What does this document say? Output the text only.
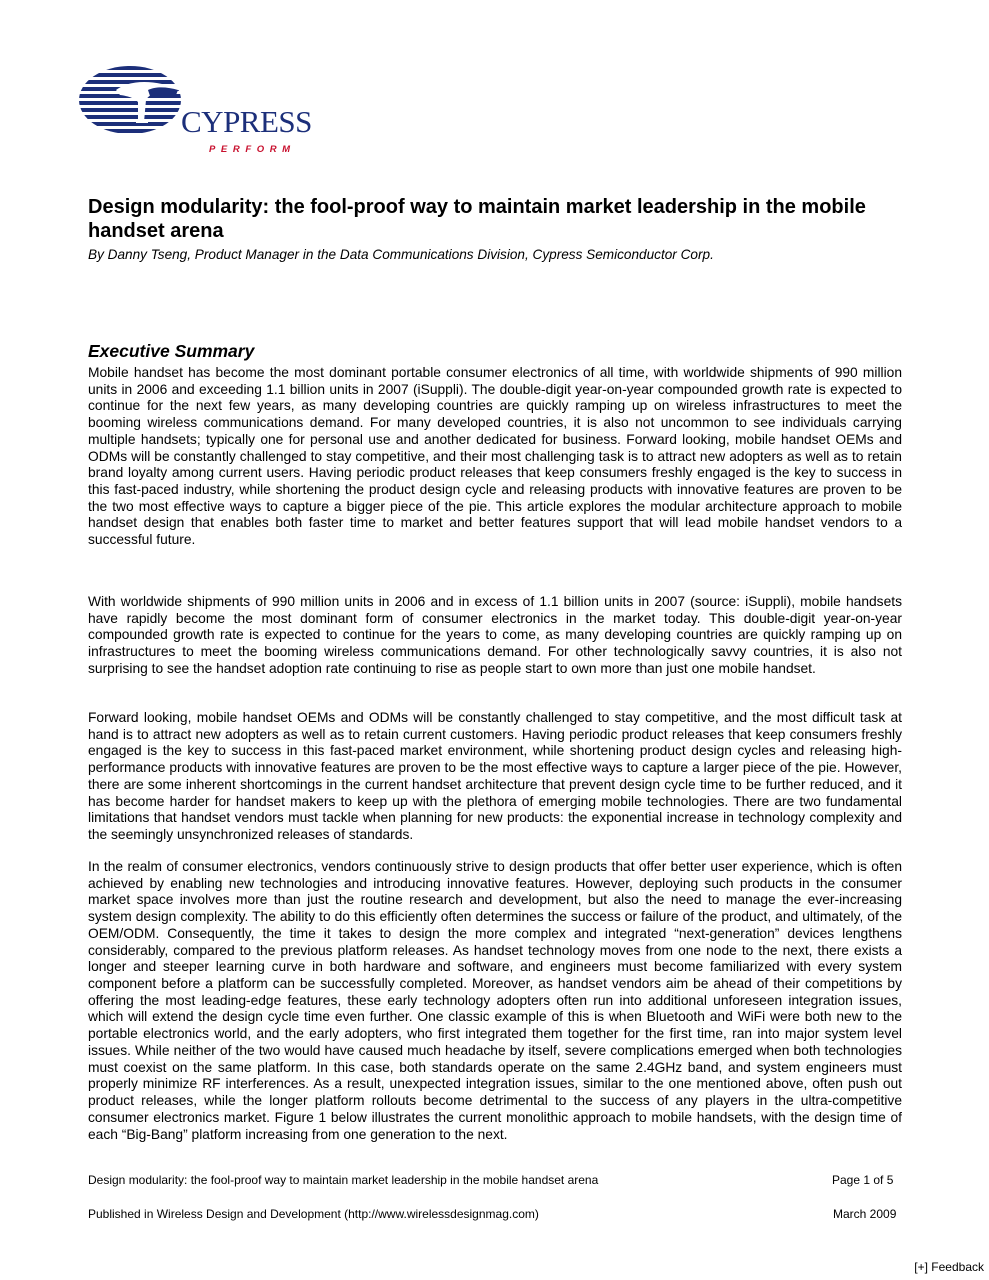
CYPRESS
PERFORM
Design modularity: the fool-proof way to maintain market leadership in the mobile handset arena
By Danny Tseng, Product Manager in the Data Communications Division, Cypress Semiconductor Corp.
Executive Summary

Mobile handset has become the most dominant portable consumer electronics of all time, with worldwide shipments of 990 million units in 2006 and exceeding 1.1 billion units in 2007 (iSuppli). The double-digit year-on-year compounded growth rate is expected to continue for the next few years, as many developing countries are quickly ramping up on wireless infrastructures to meet the booming wireless communications demand. For many developed countries, it is also not uncommon to see individuals carrying multiple handsets; typically one for personal use and another dedicated for business. Forward looking, mobile handset OEMs and ODMs will be constantly challenged to stay competitive, and their most challenging task is to attract new adopters as well as to retain brand loyalty among current users. Having periodic product releases that keep consumers freshly engaged is the key to success in this fast-paced industry, while shortening the product design cycle and releasing products with innovative features are proven to be the two most effective ways to capture a bigger piece of the pie. This article explores the modular architecture approach to mobile handset design that enables both faster time to market and better features support that will lead mobile handset vendors to a successful future.

With worldwide shipments of 990 million units in 2006 and in excess of 1.1 billion units in 2007 (source: iSuppli), mobile handsets have rapidly become the most dominant form of consumer electronics in the market today. This double-digit year-on-year compounded growth rate is expected to continue for the years to come, as many developing countries are quickly ramping up on infrastructures to meet the booming wireless communications demand. For other technologically savvy countries, it is also not surprising to see the handset adoption rate continuing to rise as people start to own more than just one mobile handset.

Forward looking, mobile handset OEMs and ODMs will be constantly challenged to stay competitive, and the most difficult task at hand is to attract new adopters as well as to retain current customers. Having periodic product releases that keep consumers freshly engaged is the key to success in this fast-paced market environment, while shortening product design cycles and releasing high-performance products with innovative features are proven to be the most effective ways to capture a larger piece of the pie. However, there are some inherent shortcomings in the current handset architecture that prevent design cycle time to be further reduced, and it has become harder for handset makers to keep up with the plethora of emerging mobile technologies. There are two fundamental limitations that handset vendors must tackle when planning for new products: the exponential increase in technology complexity and the seemingly unsynchronized releases of standards.

In the realm of consumer electronics, vendors continuously strive to design products that offer better user experience, which is often achieved by enabling new technologies and introducing innovative features. However, deploying such products in the consumer market space involves more than just the routine research and development, but also the need to manage the ever-increasing system design complexity. The ability to do this efficiently often determines the success or failure of the product, and ultimately, of the OEM/ODM. Consequently, the time it takes to design the more complex and integrated “next-generation” devices lengthens considerably, compared to the previous platform releases. As handset technology moves from one node to the next, there exists a longer and steeper learning curve in both hardware and software, and engineers must become familiarized with every system component before a platform can be successfully completed. Moreover, as handset vendors aim be ahead of their competitions by offering the most leading-edge features, these early technology adopters often run into additional unforeseen integration issues, which will extend the design cycle time even further. One classic example of this is when Bluetooth and WiFi were both new to the portable electronics world, and the early adopters, who first integrated them together for the first time, ran into major system level issues. While neither of the two would have caused much headache by itself, severe complications emerged when both technologies must coexist on the same platform. In this case, both standards operate on the same 2.4GHz band, and system engineers must properly minimize RF interferences. As a result, unexpected integration issues, similar to the one mentioned above, often push out product releases, while the longer platform rollouts become detrimental to the success of any players in the ultra-competitive consumer electronics market. Figure 1 below illustrates the current monolithic approach to mobile handsets, with the design time of each “Big-Bang” platform increasing from one generation to the next.

Design modularity: the fool-proof way to maintain market leadership in the mobile handset arena	Page 1 of 5
Published in Wireless Design and Development (http://www.wirelessdesignmag.com)	March 2009
[+] Feedback
